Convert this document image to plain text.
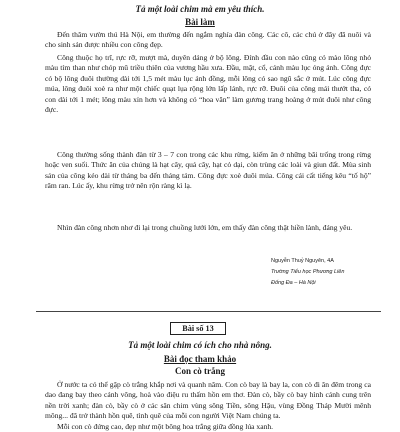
Tả một loài chim mà em yêu thích.
Bài làm

Đến thăm vườn thú Hà Nội, em thường đến ngắm nghía đàn công. Các cô, các chú ở đây đã nuôi và cho sinh sản được nhiều con công đẹp.

Công thuộc họ trĩ, rực rỡ, mượt mà, duyên dáng ở bộ lông. Đính đầu con nào cũng có mào lông nhỏ màu tím than như chóp mũ triều thiên của vương hầu xưa. Đầu, mặt, cổ, cánh màu lục óng ánh. Công đực có bộ lông đuôi thường dài tới 1,5 mét màu lục ánh đồng, mỗi lông có sao ngũ sắc ở mút. Lúc công đực múa, lông đuôi xoè ra như một chiếc quạt lụa rộng lớn lấp lánh, rực rỡ. Đuôi của công mái thướt tha, có con dài tới 1 mét; lông màu xỉn hơn và không có “hoa văn” làm gương trang hoàng ở mút đuôi như công đực.

Công thường sống thành đàn từ 3 – 7 con trong các khu rừng, kiếm ăn ở những bãi trống trong rừng hoặc ven suối. Thức ăn của chúng là hạt cây, quả cây, hạt cỏ dại, còn trùng các loài và giun đất. Mùa sinh sản của công kéo dài từ tháng ba đến tháng tám. Công đực xoè đuôi múa. Công cái cất tiếng kêu “tố hộ” râm ran. Lúc ấy, khu rừng trở nên rộn ràng kì lạ.

Nhìn đàn công nhơn nhơ đi lại trong chuồng lưới lớn, em thấy đàn công thật hiền lành, đáng yêu.

Nguyễn Thuỷ Nguyên, 4A
Trường Tiểu học Phương Liên
Đống Đa – Hà Nội
Bài số 13
Tả một loài chim có ích cho nhà nông.
Bài đọc tham khảo
Con cò trắng

Ở nước ta có thể gặp cò trắng khắp nơi và quanh năm. Con cò bay là bay la, con cò đi ăn đêm trong ca dao đang bay theo cánh võng, hoà vào điệu ru thấm hồn em thơ. Đàn cò, bầy cò bay hình cánh cung trên nền trời xanh; đàn cò, bầy cò ở các sân chim vùng sông Tiền, sông Hậu, vùng Đồng Tháp Mười mênh mông... đã trở thành hồn quê, tình quê của mỗi con người Việt Nam chúng ta.

Mỗi con cò đứng cao, đẹp như một bông hoa trắng giữa đồng lúa xanh.
